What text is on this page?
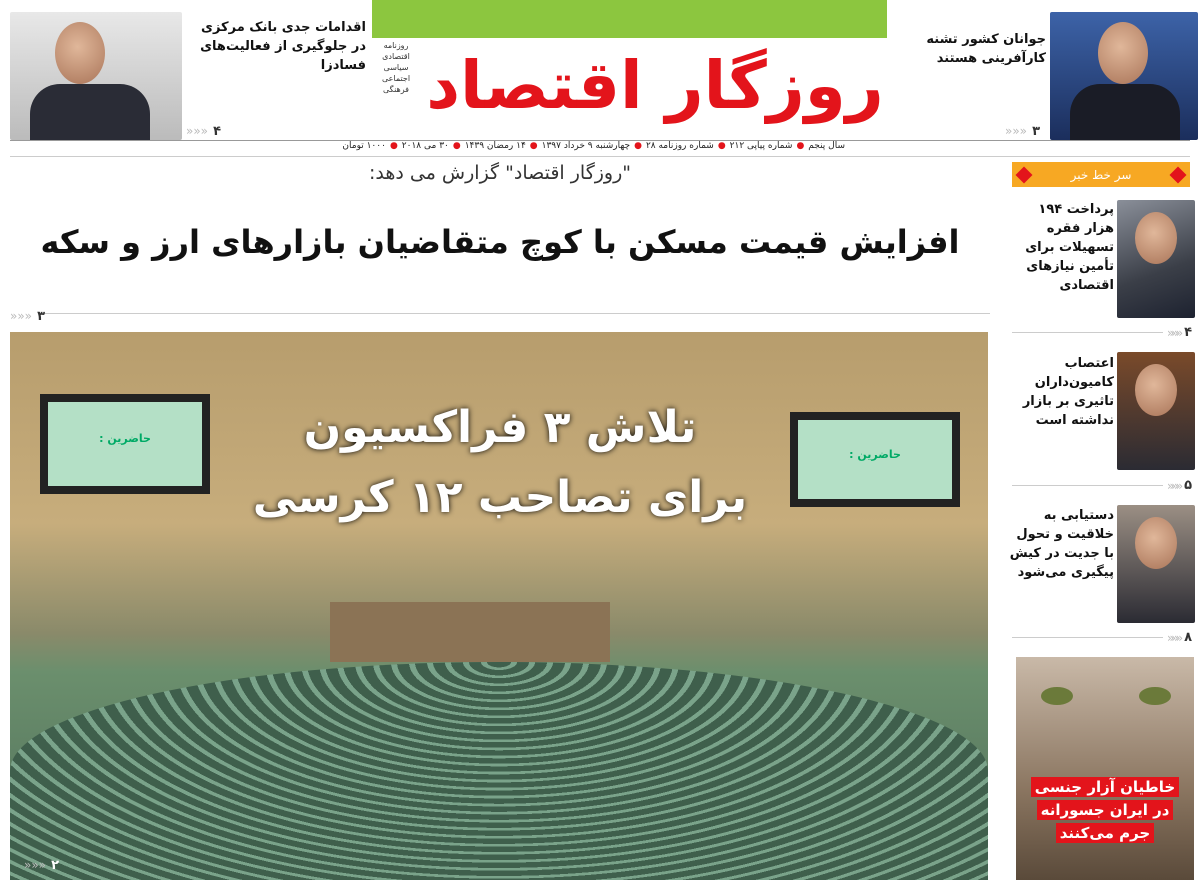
روزگار اقتصاد
روزنامه
اقتصادی
سیاسی
اجتماعی
فرهنگی
اقدامات جدی بانک مرکزی در جلوگیری از فعالیت‌های فسادزا
۴ «««
جوانان کشور تشنه کارآفرینی هستند
۳ «««
سال پنجم
●
شماره پیاپی ۲۱۲
●
شماره روزنامه ۲۸
●
چهارشنبه ۹ خرداد ۱۳۹۷
●
۱۴ رمضان ۱۴۳۹
●
۳۰ می ۲۰۱۸
●
۱۰۰۰ تومان
"روزگار اقتصاد" گزارش می دهد:
افزایش قیمت مسکن با کوچ متقاضیان بازارهای ارز و سکه
۳ «««
حاضرین :
حاضرین :
تلاش ۳ فراکسیون
برای تصاحب ۱۲ کرسی
۲ «««
سر خط خبر
پرداخت ۱۹۴ هزار فقره تسهیلات برای تأمین نیازهای اقتصادی
۴
«««
اعتصاب کامیون‌داران تاثیری بر بازار نداشته است
۵
«««
دستیابی به خلاقیت و تحول با جدیت در کیش پیگیری می‌شود
۸
«««
خاطیان آزار جنسی در ایران جسورانه جرم می‌کنند
